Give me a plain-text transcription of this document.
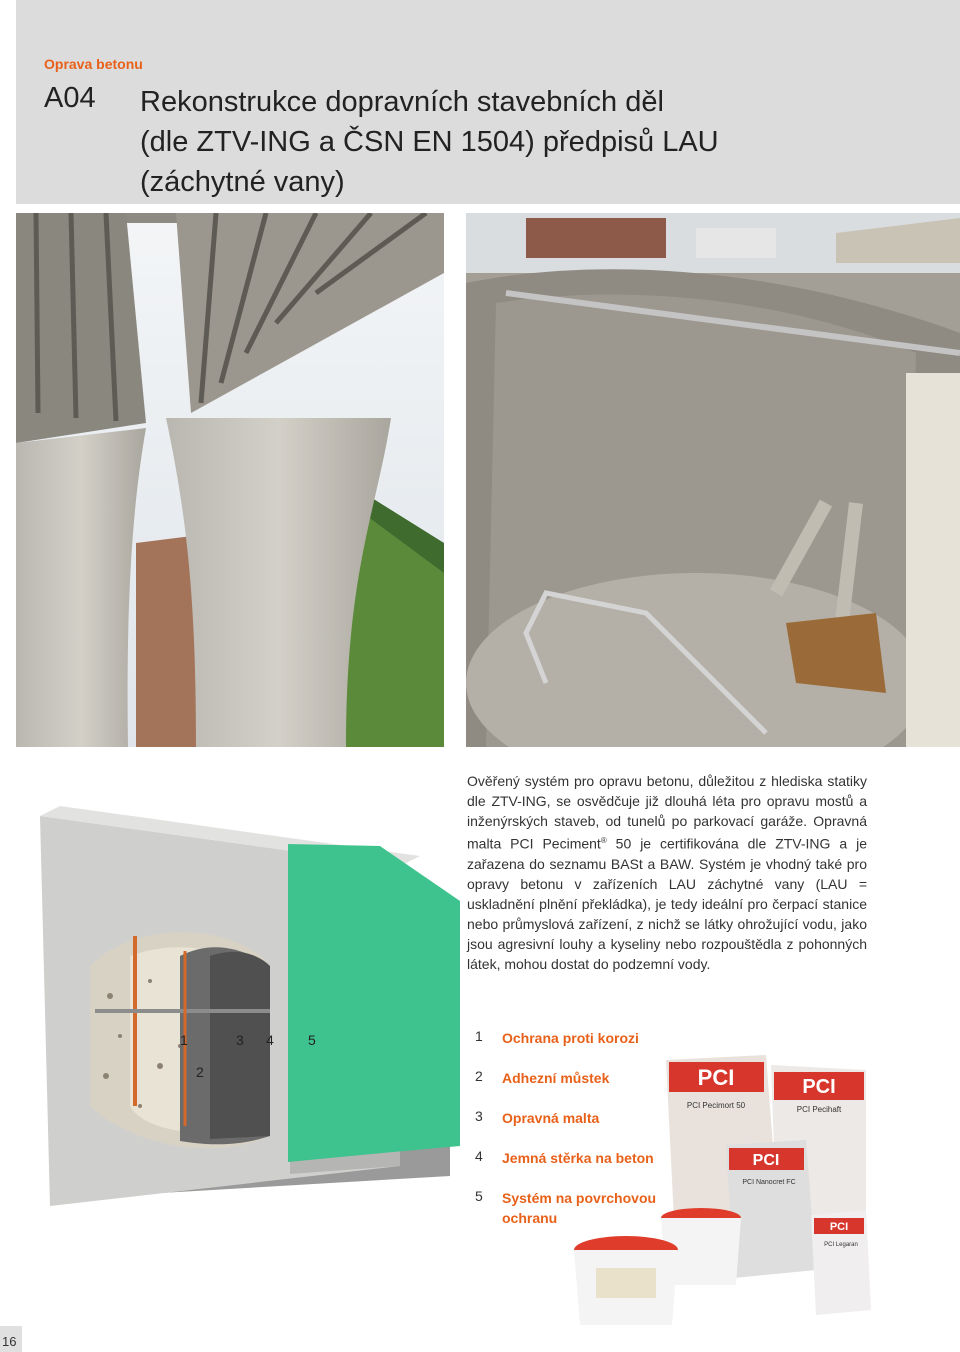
Oprava betonu
A04 Rekonstrukce dopravních stavebních děl
(dle ZTV-ING a ČSN EN 1504) předpisů LAU
(záchytné vany)
Ověřený systém pro opravu betonu, důležitou z hlediska statiky dle ZTV-ING, se osvědčuje již dlouhá léta pro opravu mostů a inženýrských staveb, od tunelů po parkovací garáže. Opravná malta PCI Peciment® 50 je certifikována dle ZTV-ING a je zařazena do seznamu BASt a BAW. Systém je vhodný také pro opravy betonu v zařízeních LAU záchytné vany (LAU = uskladnění plnění překládka), je tedy ideální pro čerpací stanice nebo průmyslová zařízení, z nichž se látky ohrožující vodu, jako jsou agresivní louhy a kyseliny nebo rozpouštědla z pohonných látek, mohou dostat do podzemní vody.
1
2
3 4 5	1 Ochrana proti korozi
2 Adhezní můstek
3 Opravná malta
4 Jemná stěrka na beton
5 Systém na povrchovou ochranu
PCI
PCI Pecimort 50
PCI
PCI Pecihaft
PCI
PCI Nanocret FC
PCI
PCI Legaran
16
